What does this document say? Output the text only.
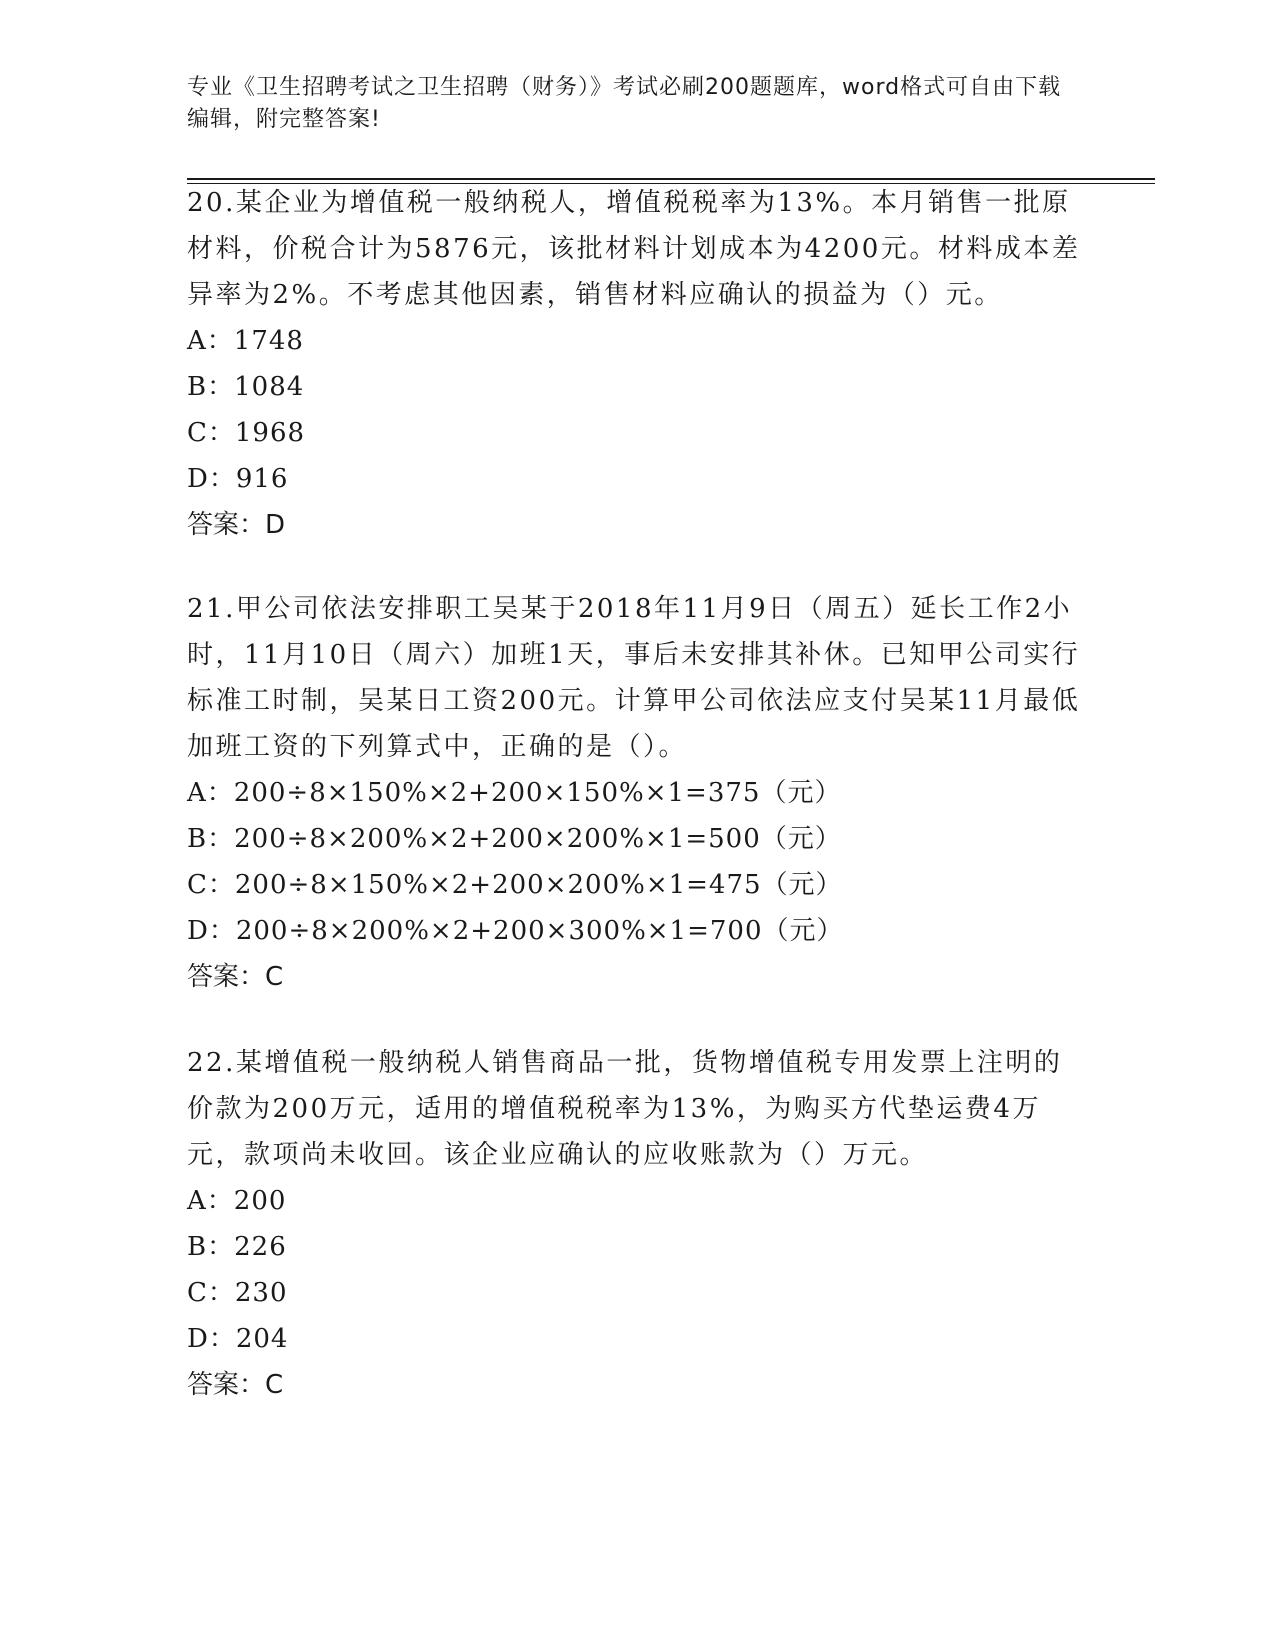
专业《卫生招聘考试之卫生招聘（财务）》考试必刷200题题库，word格式可自由下载编辑，附完整答案!

20.某企业为增值税一般纳税人，增值税税率为13%。本月销售一批原材料，价税合计为5876元，该批材料计划成本为4200元。材料成本差异率为2%。不考虑其他因素，销售材料应确认的损益为（）元。

A：1748

B：1084

C：1968

D：916

答案：D

21.甲公司依法安排职工吴某于2018年11月9日（周五）延长工作2小时，11月10日（周六）加班1天，事后未安排其补休。已知甲公司实行标准工时制，吴某日工资200元。计算甲公司依法应支付吴某11月最低加班工资的下列算式中，正确的是（）。

A：200÷8×150%×2+200×150%×1=375（元）

B：200÷8×200%×2+200×200%×1=500（元）

C：200÷8×150%×2+200×200%×1=475（元）

D：200÷8×200%×2+200×300%×1=700（元）

答案：C

22.某增值税一般纳税人销售商品一批，货物增值税专用发票上注明的价款为200万元，适用的增值税税率为13%，为购买方代垫运费4万元，款项尚未收回。该企业应确认的应收账款为（）万元。

A：200

B：226

C：230

D：204

答案：C
